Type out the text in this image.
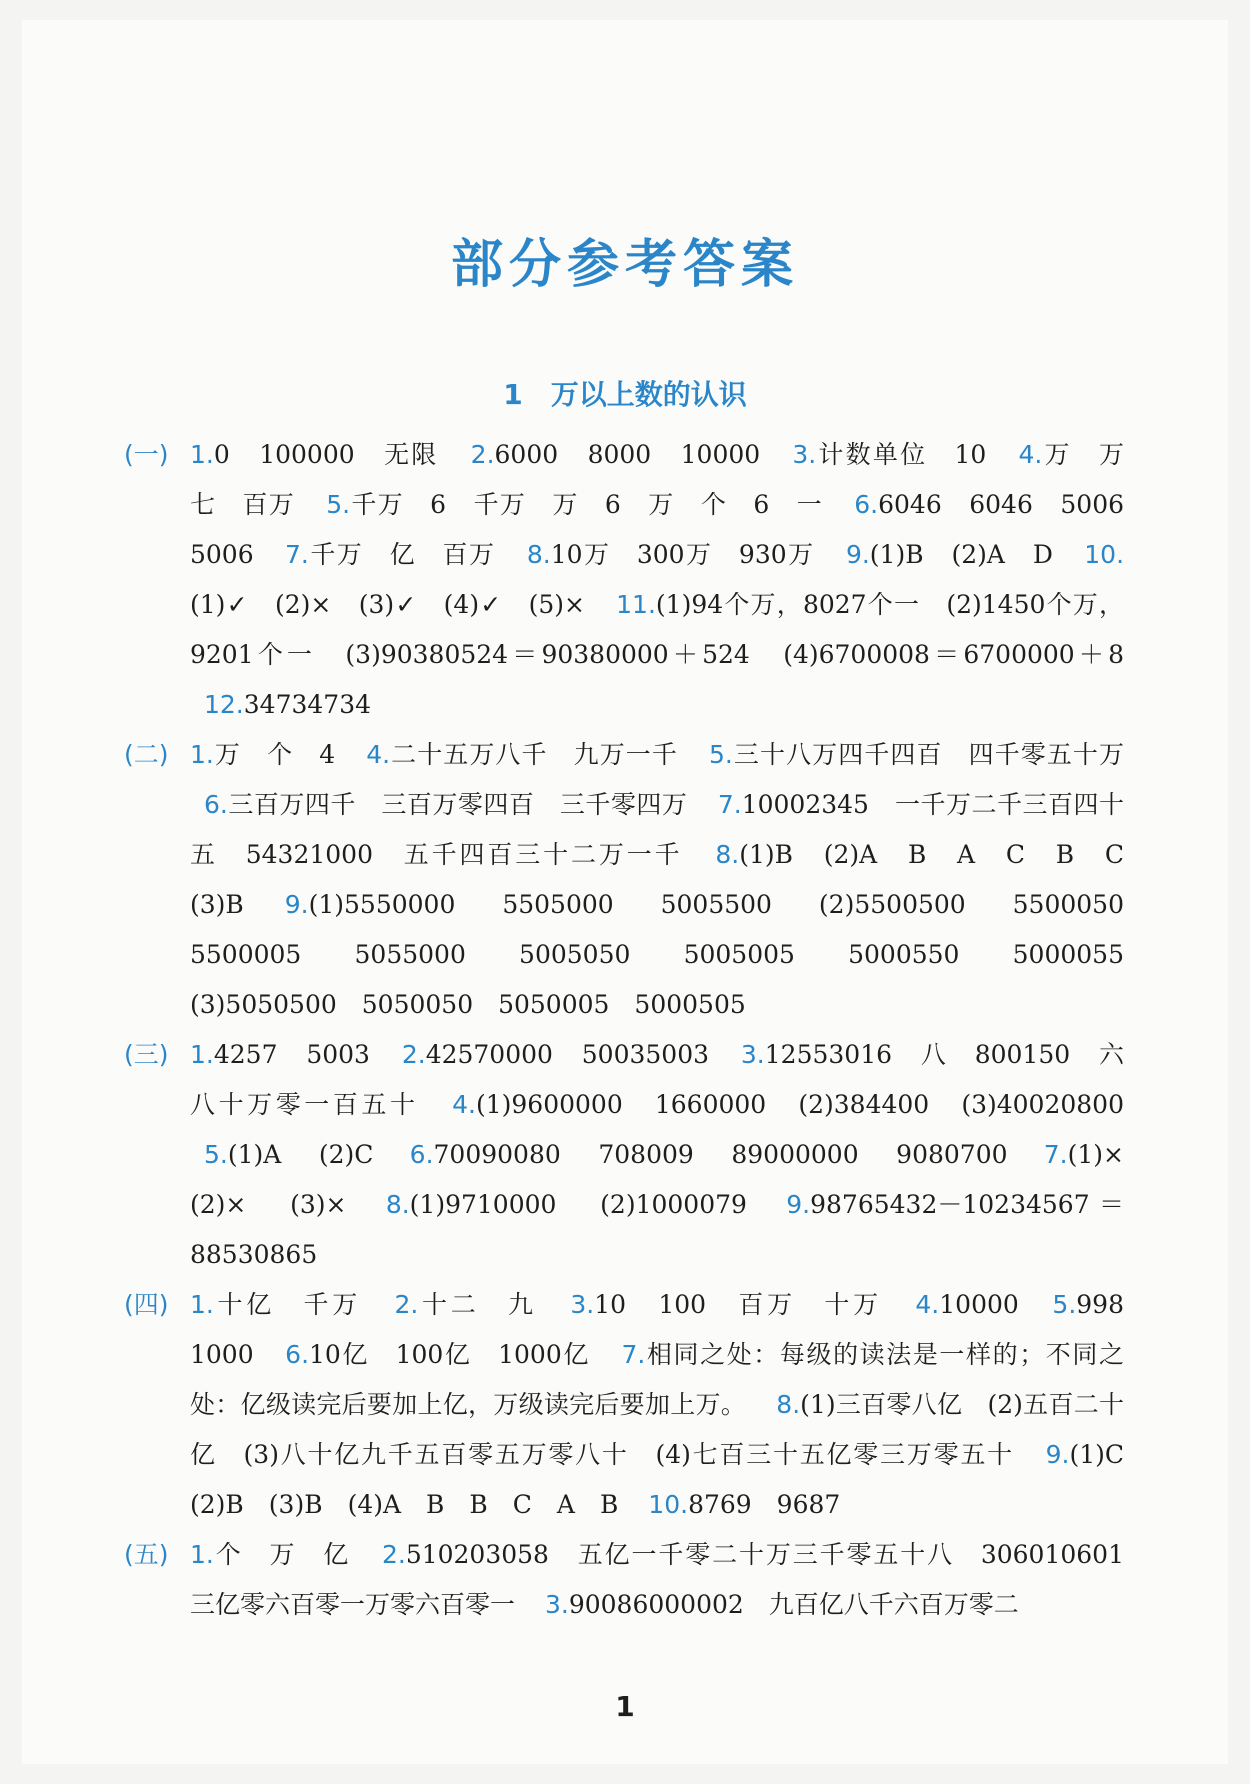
部分参考答案
1　万以上数的认识
(一) 1.0　100000　无限 2.6000　8000　10000 3.计数单位　10 4.万　万　七　百万 5.千万　6　千万　万　6　万　个　6　一 6.6046　6046　5006　5006 7.千万　亿　百万 8.10万　300万　930万 9.(1)B　(2)A　D 10.(1)✓　(2)×　(3)✓　(4)✓　(5)× 11.(1)94个万，8027个一　(2)1450个万，9201个一　(3)90380524＝90380000＋524　(4)6700008＝6700000＋8 12.34734734
(二) 1.万　个　4 4.二十五万八千　九万一千 5.三十八万四千四百　四千零五十万 6.三百万四千　三百万零四百　三千零四万 7.10002345　一千万二千三百四十五　54321000　五千四百三十二万一千 8.(1)B　(2)A　B　A　C　B　C　(3)B 9.(1)5550000　5505000　5005500　(2)5500500　5500050　5500005　5055000　5005050　5005005　5000550　5000055　(3)5050500　5050050　5050005　5000505
(三) 1.4257　5003 2.42570000　50035003 3.12553016　八　800150　六八十万零一百五十 4.(1)9600000　1660000　(2)384400　(3)40020800 5.(1)A　(2)C 6.70090080　708009　89000000　9080700 7.(1)×　(2)×　(3)× 8.(1)9710000　(2)1000079 9.98765432－10234567＝88530865
(四) 1.十亿　千万 2.十二　九 3.10　100　百万　十万 4.10000 5.998　1000 6.10亿　100亿　1000亿 7.相同之处：每级的读法是一样的；不同之处：亿级读完后要加上亿，万级读完后要加上万。 8.(1)三百零八亿　(2)五百二十亿　(3)八十亿九千五百零五万零八十　(4)七百三十五亿零三万零五十 9.(1)C　(2)B　(3)B　(4)A　B　B　C　A　B 10.8769　9687
(五) 1.个　万　亿 2.510203058　五亿一千零二十万三千零五十八　306010601　三亿零六百零一万零六百零一 3.90086000002　九百亿八千六百万零二
1
